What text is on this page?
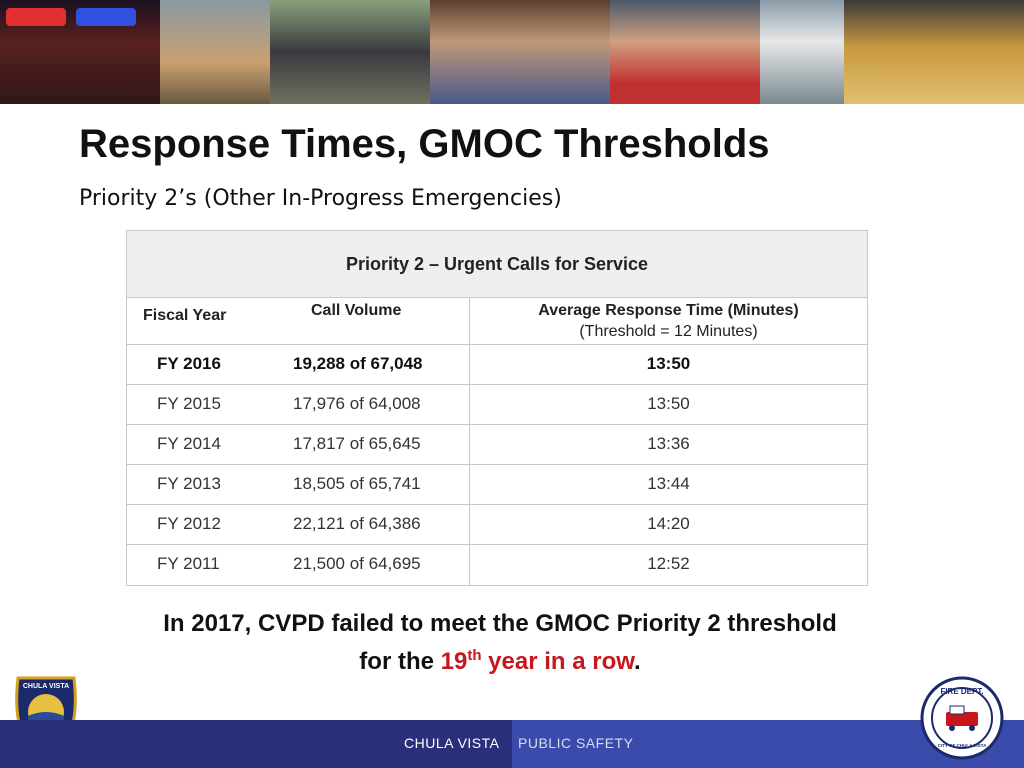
Response Times, GMOC Thresholds
Priority 2’s (Other In-Progress Emergencies)
Priority 2 – Urgent Calls for Service
Fiscal Year	Call Volume	Average Response Time (Minutes)
(Threshold = 12 Minutes)
FY 2016	19,288 of 67,048	13:50
FY 2015	17,976 of 64,008	13:50
FY 2014	17,817 of 65,645	13:36
FY 2013	18,505 of 65,741	13:44
FY 2012	22,121 of 64,386	14:20
FY 2011	21,500 of 64,695	12:52
In 2017, CVPD failed to meet the GMOC Priority 2 threshold
for the 19th year in a row.
CHULA VISTA
CHULA VISTA PUBLIC SAFETY
FIRE DEPT.
CITY OF CHULA VISTA
